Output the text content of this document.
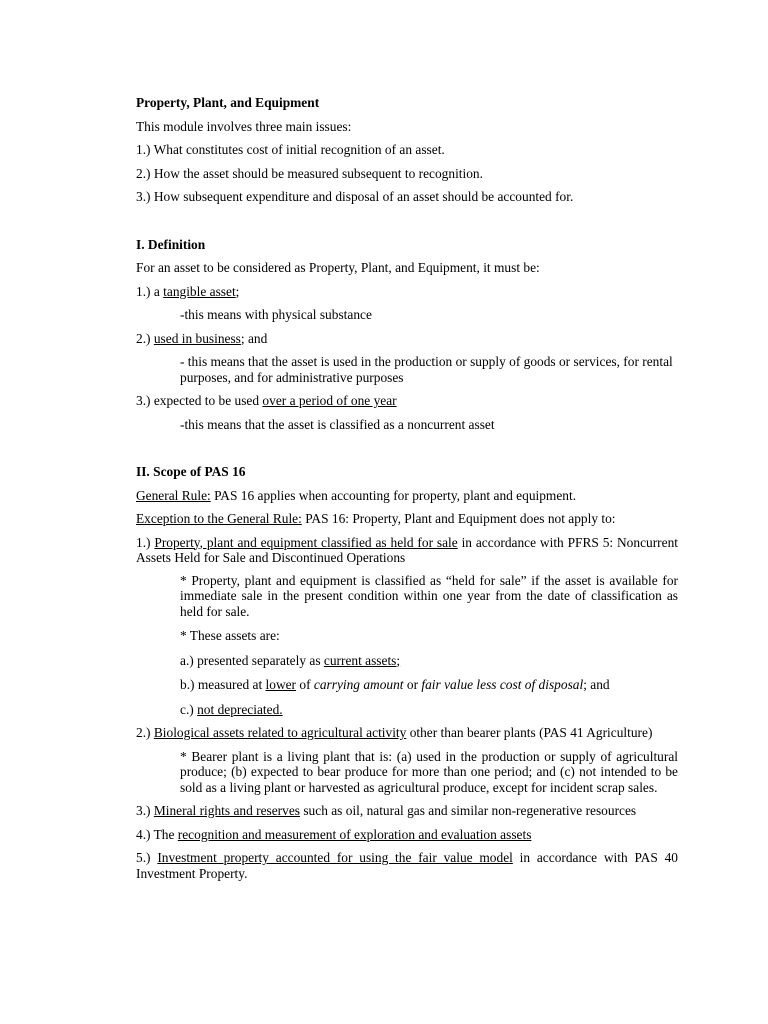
Property, Plant, and Equipment

This module involves three main issues:

1.) What constitutes cost of initial recognition of an asset.

2.) How the asset should be measured subsequent to recognition.

3.) How subsequent expenditure and disposal of an asset should be accounted for.

I. Definition

For an asset to be considered as Property, Plant, and Equipment, it must be:

1.) a tangible asset;

-this means with physical substance

2.) used in business; and

- this means that the asset is used in the production or supply of goods or services, for rental purposes, and for administrative purposes

3.) expected to be used over a period of one year

-this means that the asset is classified as a noncurrent asset

II. Scope of PAS 16

General Rule: PAS 16 applies when accounting for property, plant and equipment.

Exception to the General Rule: PAS 16: Property, Plant and Equipment does not apply to:

1.) Property, plant and equipment classified as held for sale in accordance with PFRS 5: Noncurrent Assets Held for Sale and Discontinued Operations

* Property, plant and equipment is classified as “held for sale” if the asset is available for immediate sale in the present condition within one year from the date of classification as held for sale.

* These assets are:

a.) presented separately as current assets;

b.) measured at lower of carrying amount or fair value less cost of disposal; and

c.) not depreciated.

2.) Biological assets related to agricultural activity other than bearer plants (PAS 41 Agriculture)

* Bearer plant is a living plant that is: (a) used in the production or supply of agricultural produce; (b) expected to bear produce for more than one period; and (c) not intended to be sold as a living plant or harvested as agricultural produce, except for incident scrap sales.

3.) Mineral rights and reserves such as oil, natural gas and similar non-regenerative resources

4.) The recognition and measurement of exploration and evaluation assets

5.) Investment property accounted for using the fair value model in accordance with PAS 40 Investment Property.
